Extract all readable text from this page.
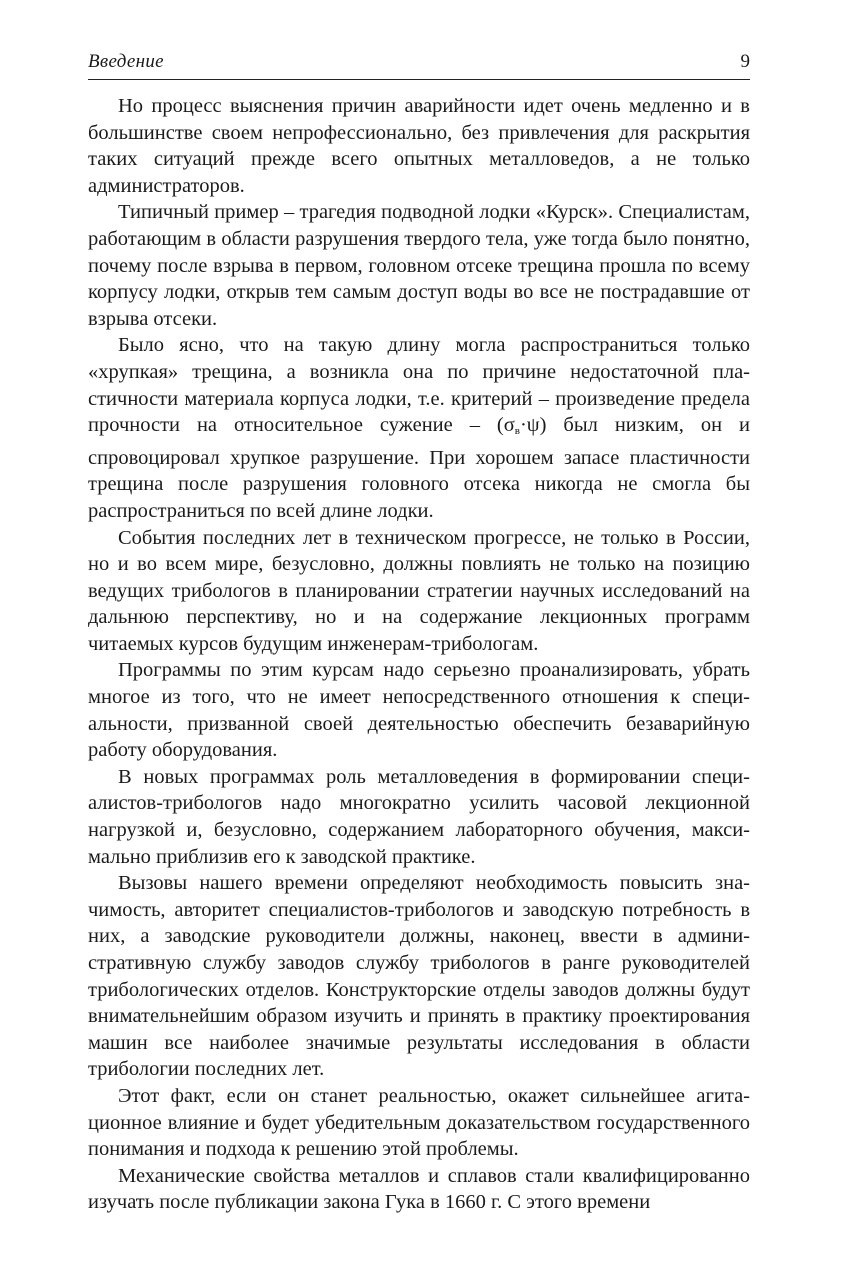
Введение	9

Но процесс выяснения причин аварийности идет очень медленно и в большинстве своем непрофессионально, без привлечения для раскрытия таких ситуаций прежде всего опытных металловедов, а не только администраторов.

Типичный пример – трагедия подводной лодки «Курск». Специалистам, работающим в области разрушения твердого тела, уже тогда было понятно, почему после взрыва в первом, головном отсеке трещина прошла по всему корпусу лодки, открыв тем самым доступ воды во все не пострадавшие от взрыва отсеки.

Было ясно, что на такую длину могла распространиться только «хрупкая» трещина, а возникла она по причине недостаточной пластичности материала корпуса лодки, т.е. критерий – произведение предела прочности на относительное сужение – $(\sigma_в\cdot\psi)$ был низким, он и спровоцировал хрупкое разрушение. При хорошем запасе пластичности трещина после разрушения головного отсека никогда не смогла бы распространиться по всей длине лодки.

События последних лет в техническом прогрессе, не только в России, но и во всем мире, безусловно, должны повлиять не только на позицию ведущих трибологов в планировании стратегии научных исследований на дальнюю перспективу, но и на содержание лекционных программ читаемых курсов будущим инженерам-трибологам.

Программы по этим курсам надо серьезно проанализировать, убрать многое из того, что не имеет непосредственного отношения к специальности, призванной своей деятельностью обеспечить безаварийную работу оборудования.

В новых программах роль металловедения в формировании специалистов-трибологов надо многократно усилить часовой лекционной нагрузкой и, безусловно, содержанием лабораторного обучения, максимально приблизив его к заводской практике.

Вызовы нашего времени определяют необходимость повысить значимость, авторитет специалистов-трибологов и заводскую потребность в них, а заводские руководители должны, наконец, ввести в административную службу заводов службу трибологов в ранге руководителей трибологических отделов. Конструкторские отделы заводов должны будут внимательнейшим образом изучить и принять в практику проектирования машин все наиболее значимые результаты исследования в области трибологии последних лет.

Этот факт, если он станет реальностью, окажет сильнейшее агитационное влияние и будет убедительным доказательством государственного понимания и подхода к решению этой проблемы.

Механические свойства металлов и сплавов стали квалифицированно изучать после публикации закона Гука в 1660 г. С этого времени
